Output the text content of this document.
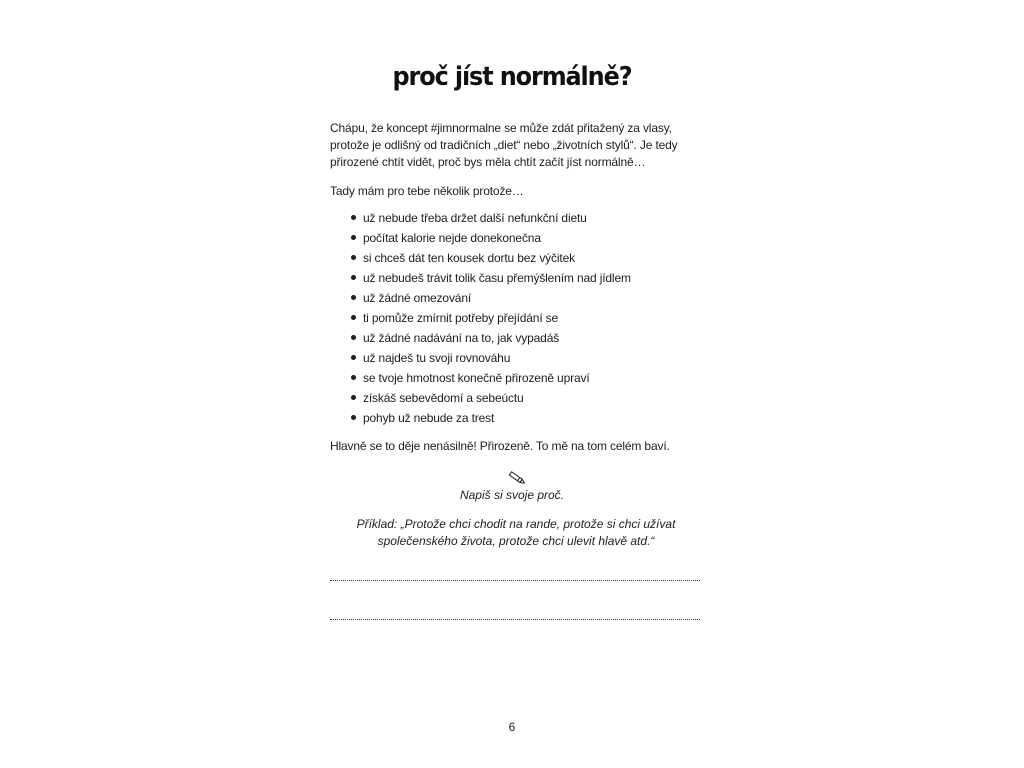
proč jíst normálně?

Chápu, že koncept #jimnormalne se může zdát přitažený za vlasy, protože je odlišný od tradičních „diet“ nebo „životních stylů“. Je tedy přirozené chtít vidět, proč bys měla chtít začít jíst normálně…

Tady mám pro tebe několik protože…

už nebude třeba držet další nefunkční dietu
počítat kalorie nejde donekonečna
si chceš dát ten kousek dortu bez výčitek
už nebudeš trávit tolik času přemýšlením nad jídlem
už žádné omezování
ti pomůže zmírnit potřeby přejídání se
už žádné nadávání na to, jak vypadáš
už najdeš tu svoji rovnováhu
se tvoje hmotnost konečně přirozeně upraví
získáš sebevědomí a sebeúctu
pohyb už nebude za trest

Hlavně se to děje nenásilně! Přirozeně. To mě na tom celém baví.

Napiš si svoje proč.

Příklad: „Protože chci chodit na rande, protože si chci užívat společenského života, protože chci ulevit hlavě atd.“

6
